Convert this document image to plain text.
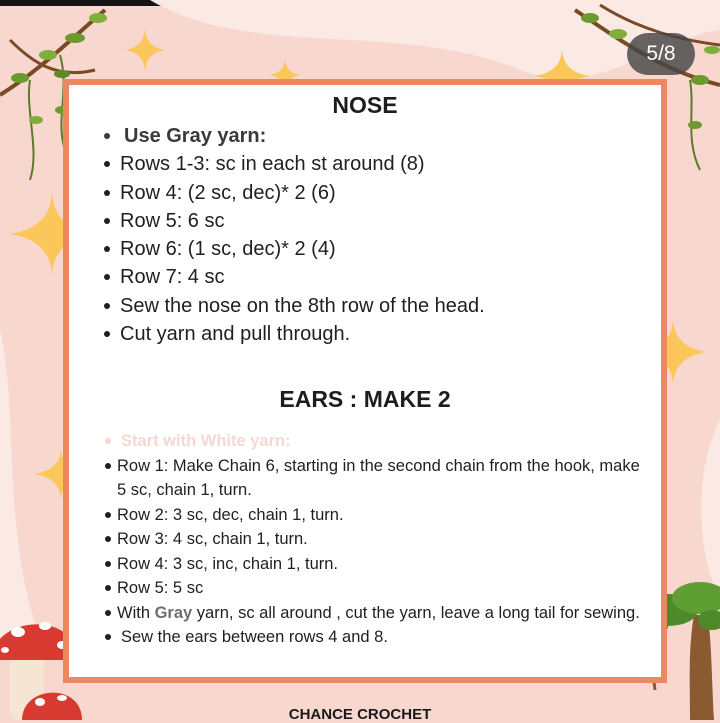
5/8
NOSE
Use Gray yarn:
Rows 1-3: sc in each st around (8)
Row 4: (2 sc, dec)* 2 (6)
Row 5: 6 sc
Row 6: (1 sc, dec)* 2 (4)
Row 7: 4 sc
Sew the nose on the 8th row of the head.
Cut yarn and pull through.
EARS : MAKE 2
Start with White yarn:
Row 1: Make Chain 6, starting in the second chain from the hook, make 5 sc, chain 1, turn.
Row 2: 3 sc, dec, chain 1, turn.
Row 3: 4 sc, chain 1, turn.
Row 4: 3 sc, inc, chain 1, turn.
Row 5: 5 sc
With Gray yarn, sc all around , cut the yarn, leave a long tail for sewing.
Sew the ears between rows 4 and 8.
CHANCE CROCHET
